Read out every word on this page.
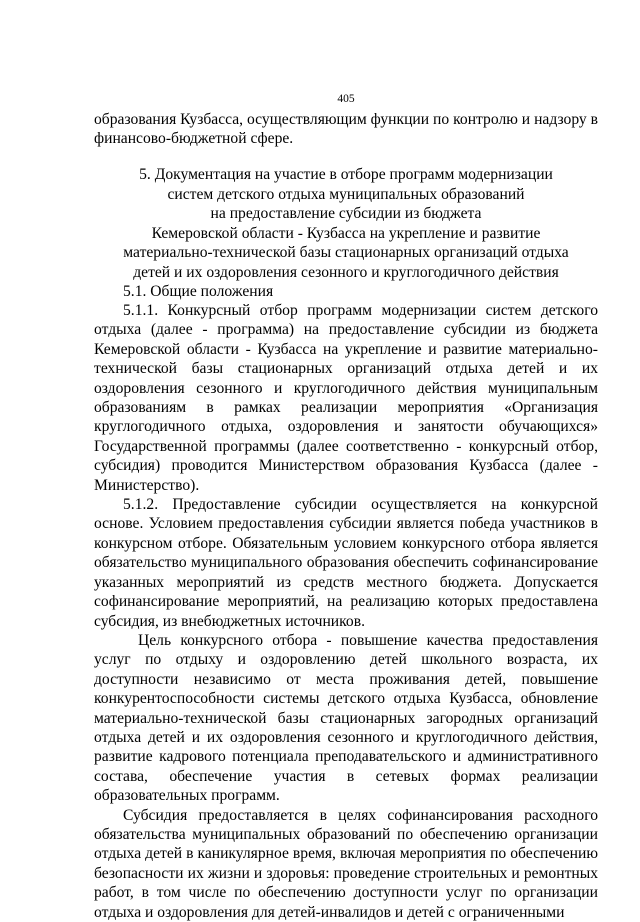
405
образования Кузбасса, осуществляющим функции по контролю и надзору в финансово-бюджетной сфере.
5. Документация на участие в отборе программ модернизации
систем детского отдыха муниципальных образований
на предоставление субсидии из бюджета
Кемеровской области - Кузбасса на укрепление и развитие
материально-технической базы стационарных организаций отдыха
детей и их оздоровления сезонного и круглогодичного действия
5.1. Общие положения

5.1.1. Конкурсный отбор программ модернизации систем детского отдыха (далее - программа) на предоставление субсидии из бюджета Кемеровской области - Кузбасса на укрепление и развитие материально-технической базы стационарных организаций отдыха детей и их оздоровления сезонного и круглогодичного действия муниципальным образованиям в рамках реализации мероприятия «Организация круглогодичного отдыха, оздоровления и занятости обучающихся» Государственной программы (далее соответственно - конкурсный отбор, субсидия) проводится Министерством образования Кузбасса (далее - Министерство).

5.1.2. Предоставление субсидии осуществляется на конкурсной основе. Условием предоставления субсидии является победа участников в конкурсном отборе. Обязательным условием конкурсного отбора является обязательство муниципального образования обеспечить софинансирование указанных мероприятий из средств местного бюджета. Допускается софинансирование мероприятий, на реализацию которых предоставлена субсидия, из внебюджетных источников.

Цель конкурсного отбора - повышение качества предоставления услуг по отдыху и оздоровлению детей школьного возраста, их доступности независимо от места проживания детей, повышение конкурентоспособности системы детского отдыха Кузбасса, обновление материально-технической базы стационарных загородных организаций отдыха детей и их оздоровления сезонного и круглогодичного действия, развитие кадрового потенциала преподавательского и административного состава, обеспечение участия в сетевых формах реализации образовательных программ.

Субсидия предоставляется в целях софинансирования расходного обязательства муниципальных образований по обеспечению организации отдыха детей в каникулярное время, включая мероприятия по обеспечению безопасности их жизни и здоровья: проведение строительных и ремонтных работ, в том числе по обеспечению доступности услуг по организации отдыха и оздоровления для детей-инвалидов и детей с ограниченными
